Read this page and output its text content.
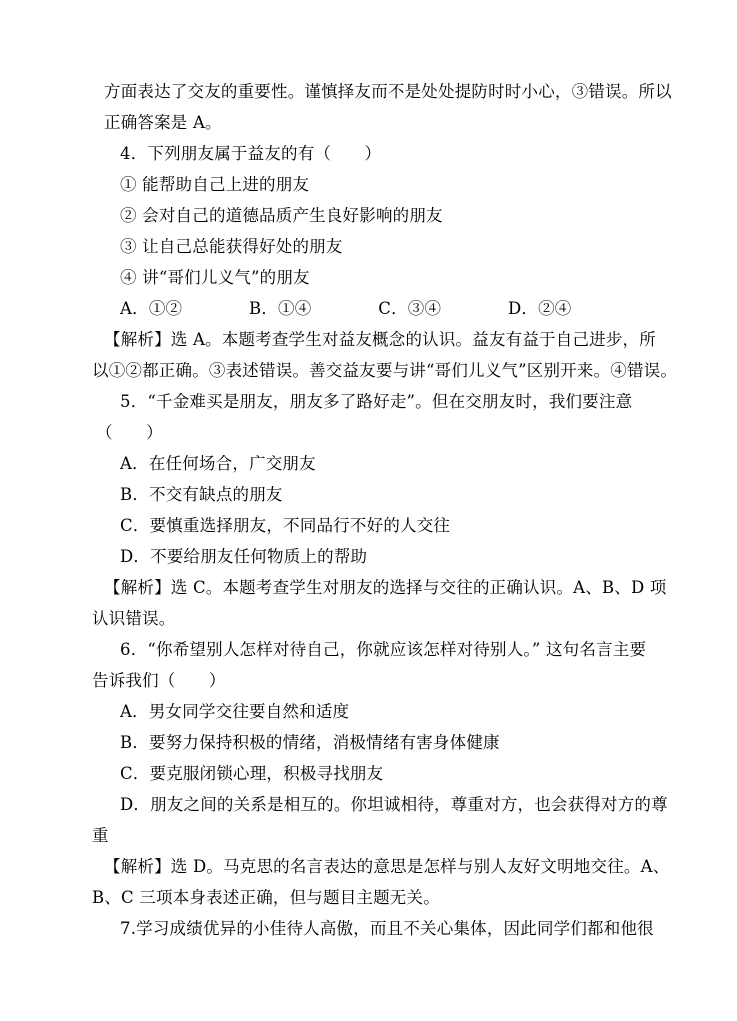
方面表达了交友的重要性。谨慎择友而不是处处提防时时小心，③错误。所以
正确答案是 A。
4．下列朋友属于益友的有（　　）
① 能帮助自己上进的朋友
② 会对自己的道德品质产生良好影响的朋友
③ 让自己总能获得好处的朋友
④ 讲“哥们儿义气”的朋友
A．①②　　　　B．①④　　　　C．③④　　　　D．②④
【解析】选 A。本题考查学生对益友概念的认识。益友有益于自己进步，所
以①②都正确。③表述错误。善交益友要与讲“哥们儿义气”区别开来。④错误。
5．“千金难买是朋友，朋友多了路好走”。但在交朋友时，我们要注意
（　　）
A．在任何场合，广交朋友
B．不交有缺点的朋友
C．要慎重选择朋友，不同品行不好的人交往
D．不要给朋友任何物质上的帮助
【解析】选 C。本题考查学生对朋友的选择与交往的正确认识。A、B、D 项
认识错误。
6．“你希望别人怎样对待自己，你就应该怎样对待别人。” 这句名言主要
告诉我们（　　）
A．男女同学交往要自然和适度
B．要努力保持积极的情绪，消极情绪有害身体健康
C．要克服闭锁心理，积极寻找朋友
D．朋友之间的关系是相互的。你坦诚相待，尊重对方，也会获得对方的尊
重
【解析】选 D。马克思的名言表达的意思是怎样与别人友好文明地交往。A、
B、C 三项本身表述正确，但与题目主题无关。
7.学习成绩优异的小佳待人高傲，而且不关心集体，因此同学们都和他很
